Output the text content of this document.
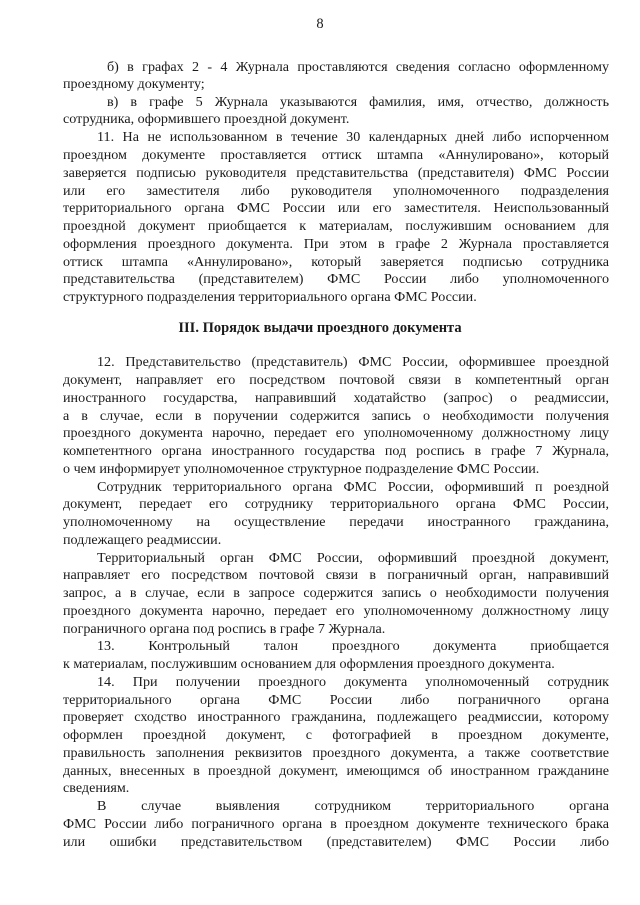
8
б) в графах 2 - 4 Журнала проставляются сведения согласно оформленному
проездному документу;
в) в графе 5 Журнала указываются фамилия, имя, отчество, должность
сотрудника, оформившего проездной документ.
11. На не использованном в течение 30 календарных дней либо испорченном
проездном документе проставляется оттиск штампа «Аннулировано», который
заверяется подписью руководителя представительства (представителя) ФМС России
или его заместителя либо руководителя уполномоченного подразделения
территориального органа ФМС России или его заместителя. Неиспользованный
проездной документ приобщается к материалам, послужившим основанием для
оформления проездного документа. При этом в графе 2 Журнала проставляется
оттиск штампа «Аннулировано», который заверяется подписью сотрудника
представительства (представителем) ФМС России либо уполномоченного
структурного подразделения территориального органа ФМС России.
III. Порядок выдачи проездного документа
12. Представительство (представитель) ФМС России, оформившее проездной
документ, направляет его посредством почтовой связи в компетентный орган
иностранного государства, направивший ходатайство (запрос) о реадмиссии,
а в случае, если в поручении содержится запись о необходимости получения
проездного документа нарочно, передает его уполномоченному должностному лицу
компетентного органа иностранного государства под роспись в графе 7 Журнала,
о чем информирует уполномоченное структурное подразделение ФМС России.
Сотрудник территориального органа ФМС России, оформивший п роездной
документ, передает его сотруднику территориального органа ФМС России,
уполномоченному на осуществление передачи иностранного гражданина,
подлежащего реадмиссии.
Территориальный орган ФМС России, оформивший проездной документ,
направляет его посредством почтовой связи в пограничный орган, направивший
запрос, а в случае, если в запросе содержится запись о необходимости получения
проездного документа нарочно, передает его уполномоченному должностному лицу
пограничного органа под роспись в графе 7 Журнала.
13. Контрольный талон проездного документа приобщается
к материалам, послужившим основанием для оформления проездного документа.
14. При получении проездного документа уполномоченный сотрудник
территориального органа ФМС России либо пограничного органа
проверяет сходство иностранного гражданина, подлежащего реадмиссии, которому
оформлен проездной документ, с фотографией в проездном документе,
правильность заполнения реквизитов проездного документа, а также соответствие
данных, внесенных в проездной документ, имеющимся об иностранном гражданине
сведениям.
В случае выявления сотрудником территориального органа
ФМС России либо пограничного органа в проездном документе технического брака
или ошибки представительством (представителем) ФМС России либо
